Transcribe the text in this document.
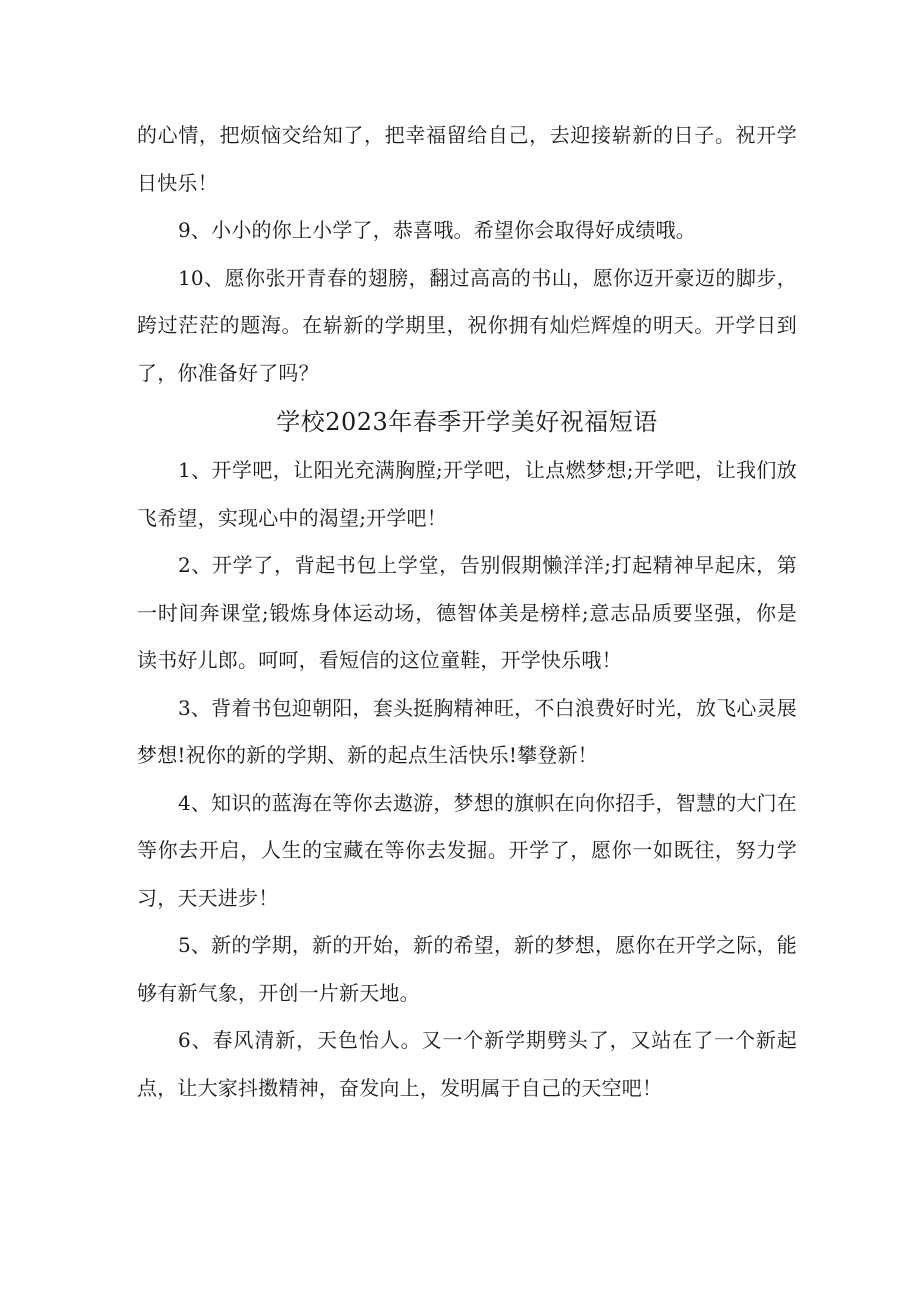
的心情，把烦恼交给知了，把幸福留给自己，去迎接崭新的日子。祝开学日快乐！

9、小小的你上小学了，恭喜哦。希望你会取得好成绩哦。

10、愿你张开青春的翅膀，翻过高高的书山，愿你迈开豪迈的脚步，跨过茫茫的题海。在崭新的学期里，祝你拥有灿烂辉煌的明天。开学日到了，你准备好了吗？

学校2023年春季开学美好祝福短语

1、开学吧，让阳光充满胸膛;开学吧，让点燃梦想;开学吧，让我们放飞希望，实现心中的渴望;开学吧！

2、开学了，背起书包上学堂，告别假期懒洋洋;打起精神早起床，第一时间奔课堂;锻炼身体运动场，德智体美是榜样;意志品质要坚强，你是读书好儿郎。呵呵，看短信的这位童鞋，开学快乐哦！

3、背着书包迎朝阳，套头挺胸精神旺，不白浪费好时光，放飞心灵展梦想!祝你的新的学期、新的起点生活快乐!攀登新！

4、知识的蓝海在等你去遨游，梦想的旗帜在向你招手，智慧的大门在等你去开启，人生的宝藏在等你去发掘。开学了，愿你一如既往，努力学习，天天进步！

5、新的学期，新的开始，新的希望，新的梦想，愿你在开学之际，能够有新气象，开创一片新天地。

6、春风清新，天色怡人。又一个新学期劈头了，又站在了一个新起点，让大家抖擞精神，奋发向上，发明属于自己的天空吧！
